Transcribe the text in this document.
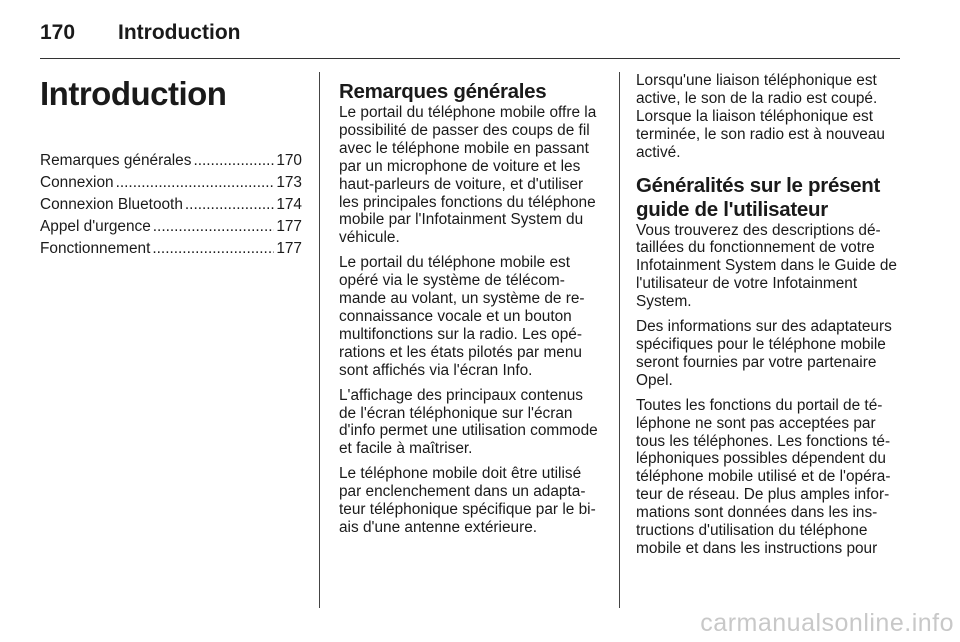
170 Introduction
Introduction
Remarques générales .....	170
Connexion .....	173
Connexion Bluetooth .....	174
Appel d'urgence .....	177
Fonctionnement .....	177
Remarques générales

Le portail du téléphone mobile offre la possibilité de passer des coups de fil avec le téléphone mobile en passant par un microphone de voiture et les haut-parleurs de voiture, et d'utiliser les principales fonctions du téléphone mobile par l'Infotainment System du véhicule.

Le portail du téléphone mobile est opéré via le système de télécommande au volant, un système de reconnaissance vocale et un bouton multifonctions sur la radio. Les opérations et les états pilotés par menu sont affichés via l'écran Info.

L'affichage des principaux contenus de l'écran téléphonique sur l'écran d'info permet une utilisation commode et facile à maîtriser.

Le téléphone mobile doit être utilisé par enclenchement dans un adaptateur téléphonique spécifique par le biais d'une antenne extérieure.

Lorsqu'une liaison téléphonique est active, le son de la radio est coupé. Lorsque la liaison téléphonique est terminée, le son radio est à nouveau activé.

Généralités sur le présent guide de l'utilisateur

Vous trouverez des descriptions détaillées du fonctionnement de votre Infotainment System dans le Guide de l'utilisateur de votre Infotainment System.

Des informations sur des adaptateurs spécifiques pour le téléphone mobile seront fournies par votre partenaire Opel.

Toutes les fonctions du portail de téléphone ne sont pas acceptées par tous les téléphones. Les fonctions téléphoniques possibles dépendent du téléphone mobile utilisé et de l'opérateur de réseau. De plus amples informations sont données dans les instructions d'utilisation du téléphone mobile et dans les instructions pour

carmanualsonline.info
